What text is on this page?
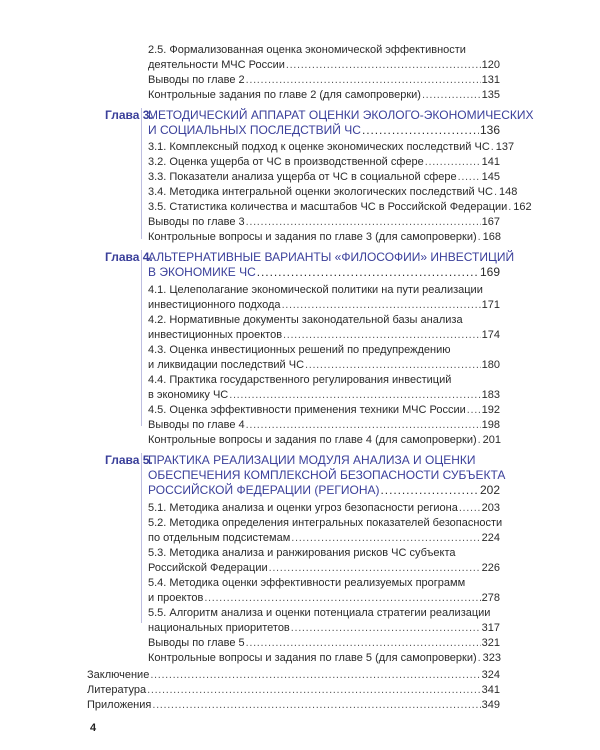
2.5. Формализованная оценка экономической эффективности
деятельности МЧС России . . .	120
Выводы по главе 2 . . .	131
Контрольные задания по главе 2 (для самопроверки) . . .	135
Глава 3.
МЕТОДИЧЕСКИЙ АППАРАТ ОЦЕНКИ ЭКОЛОГО-ЭКОНОМИЧЕСКИХ
И СОЦИАЛЬНЫХ ПОСЛЕДСТВИЙ ЧС . . .	136
3.1. Комплексный подход к оценке экономических последствий ЧС . . . 137
3.2. Оценка ущерба от ЧС в производственной сфере . . .	141
3.3. Показатели анализа ущерба от ЧС в социальной сфере . . . 145
3.4. Методика интегральной оценки экологических последствий ЧС . . . 148
3.5. Статистика количества и масштабов ЧС в Российской Федерации . . . 162
Выводы по главе 3 . . .	167
Контрольные вопросы и задания по главе 3 (для самопроверки) . . . 168
Глава 4.
АЛЬТЕРНАТИВНЫЕ ВАРИАНТЫ «ФИЛОСОФИИ» ИНВЕСТИЦИЙ
В ЭКОНОМИКЕ ЧС . . .	169
4.1. Целеполагание экономической политики на пути реализации
инвестиционного подхода . . .	171
4.2. Нормативные документы законодательной базы анализа
инвестиционных проектов . . .	174
4.3. Оценка инвестиционных решений по предупреждению
и ликвидации последствий ЧС . . .	180
4.4. Практика государственного регулирования инвестиций
в экономику ЧС . . .	183
4.5. Оценка эффективности применения техники МЧС России . . . 192
Выводы по главе 4 . . .	198
Контрольные вопросы и задания по главе 4 (для самопроверки) . . . 201
Глава 5.
ПРАКТИКА РЕАЛИЗАЦИИ МОДУЛЯ АНАЛИЗА И ОЦЕНКИ
ОБЕСПЕЧЕНИЯ КОМПЛЕКСНОЙ БЕЗОПАСНОСТИ СУБЪЕКТА
РОССИЙСКОЙ ФЕДЕРАЦИИ (РЕГИОНА) . . .	202
5.1. Методика анализа и оценки угроз безопасности региона . . . 203
5.2. Методика определения интегральных показателей безопасности
по отдельным подсистемам . . .	224
5.3. Методика анализа и ранжирования рисков ЧС субъекта
Российской Федерации . . .	226
5.4. Методика оценки эффективности реализуемых программ
и проектов . . .	278
5.5. Алгоритм анализа и оценки потенциала стратегии реализации
национальных приоритетов . . .	317
Выводы по главе 5 . . .	321
Контрольные вопросы и задания по главе 5 (для самопроверки) . . . 323
Заключение . . .	324
Литература . . .	341
Приложения . . .	349
4
